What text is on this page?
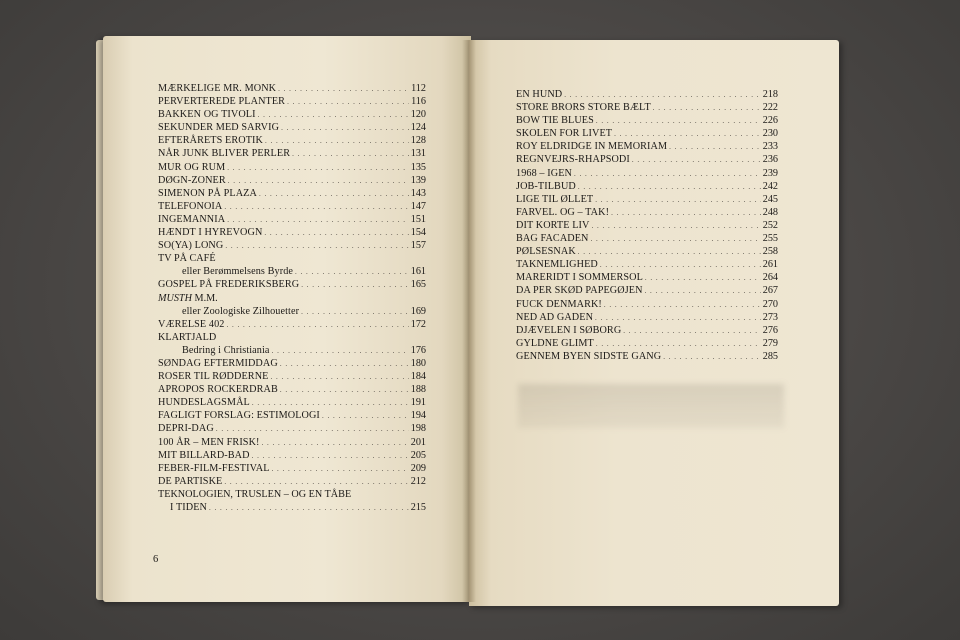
MÆRKELIGE MR. MONK . . .	112
PERVERTEREDE PLANTER . . .	116
BAKKEN OG TIVOLI . . .	120
SEKUNDER MED SARVIG . . .	124
EFTERÅRETS EROTIK . . .	128
NÅR JUNK BLIVER PERLER . . .	131
MUR OG RUM . . .	135
DØGN-ZONER . . .	139
SIMENON PÅ PLAZA . . .	143
TELEFONOIA . . .	147
INGEMANNIA . . .	151
HÆNDT I HYREVOGN . . .	154
SO(YA) LONG . . .	157
TV PÅ CAFÉ
eller Berømmelsens Byrde . . .	161
GOSPEL PÅ FREDERIKSBERG . . .	165
MUSTH M.M.
eller Zoologiske Zilhouetter . . .	169
VÆRELSE 402 . . .	172
KLARTJALD
Bedring i Christiania . . .	176
SØNDAG EFTERMIDDAG . . .	180
ROSER TIL RØDDERNE . . .	184
APROPOS ROCKERDRAB . . .	188
HUNDESLAGSMÅL . . .	191
FAGLIGT FORSLAG: ESTIMOLOGI . . .	194
DEPRI-DAG . . .	198
100 ÅR – MEN FRISK! . . .	201
MIT BILLARD-BAD . . .	205
FEBER-FILM-FESTIVAL . . .	209
DE PARTISKE . . .	212
TEKNOLOGIEN, TRUSLEN – OG EN TÅBE
I TIDEN . . .	215
6
EN HUND . . .	218
STORE BRORS STORE BÆLT . . .	222
BOW TIE BLUES . . .	226
SKOLEN FOR LIVET . . .	230
ROY ELDRIDGE IN MEMORIAM . . .	233
REGNVEJRS-RHAPSODI . . .	236
1968 – IGEN . . .	239
JOB-TILBUD . . .	242
LIGE TIL ØLLET . . .	245
FARVEL. OG – TAK! . . .	248
DIT KORTE LIV . . .	252
BAG FACADEN . . .	255
PØLSESNAK . . .	258
TAKNEMLIGHED . . .	261
MARERIDT I SOMMERSOL . . .	264
DA PER SKØD PAPEGØJEN . . .	267
FUCK DENMARK! . . .	270
NED AD GADEN . . .	273
DJÆVELEN I SØBORG . . .	276
GYLDNE GLIMT . . .	279
GENNEM BYEN SIDSTE GANG . . .	285
